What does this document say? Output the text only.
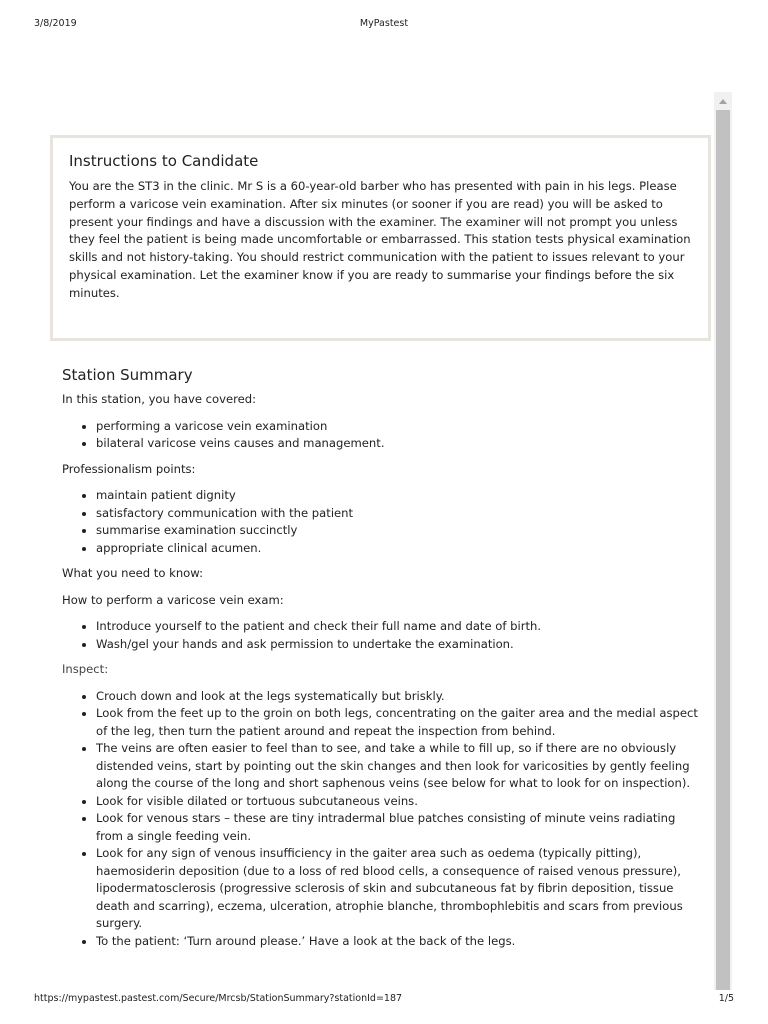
3/8/2019	MyPastest
Instructions to Candidate

You are the ST3 in the clinic. Mr S is a 60-year-old barber who has presented with pain in his legs. Please perform a varicose vein examination. After six minutes (or sooner if you are read) you will be asked to present your findings and have a discussion with the examiner. The examiner will not prompt you unless they feel the patient is being made uncomfortable or embarrassed. This station tests physical examination skills and not history-taking. You should restrict communication with the patient to issues relevant to your physical examination. Let the examiner know if you are ready to summarise your findings before the six minutes.

Station Summary

In this station, you have covered:

performing a varicose vein examination
bilateral varicose veins causes and management.

Professionalism points:

maintain patient dignity
satisfactory communication with the patient
summarise examination succinctly
appropriate clinical acumen.

What you need to know:

How to perform a varicose vein exam:

Introduce yourself to the patient and check their full name and date of birth.
Wash/gel your hands and ask permission to undertake the examination.

Inspect:

Crouch down and look at the legs systematically but briskly.
Look from the feet up to the groin on both legs, concentrating on the gaiter area and the medial aspect of the leg, then turn the patient around and repeat the inspection from behind.
The veins are often easier to feel than to see, and take a while to fill up, so if there are no obviously distended veins, start by pointing out the skin changes and then look for varicosities by gently feeling along the course of the long and short saphenous veins (see below for what to look for on inspection).
Look for visible dilated or tortuous subcutaneous veins.
Look for venous stars – these are tiny intradermal blue patches consisting of minute veins radiating from a single feeding vein.
Look for any sign of venous insufficiency in the gaiter area such as oedema (typically pitting), haemosiderin deposition (due to a loss of red blood cells, a consequence of raised venous pressure), lipodermatosclerosis (progressive sclerosis of skin and subcutaneous fat by fibrin deposition, tissue death and scarring), eczema, ulceration, atrophie blanche, thrombophlebitis and scars from previous surgery.
To the patient: ‘Turn around please.’ Have a look at the back of the legs.
https://mypastest.pastest.com/Secure/Mrcsb/StationSummary?stationId=187	1/5
